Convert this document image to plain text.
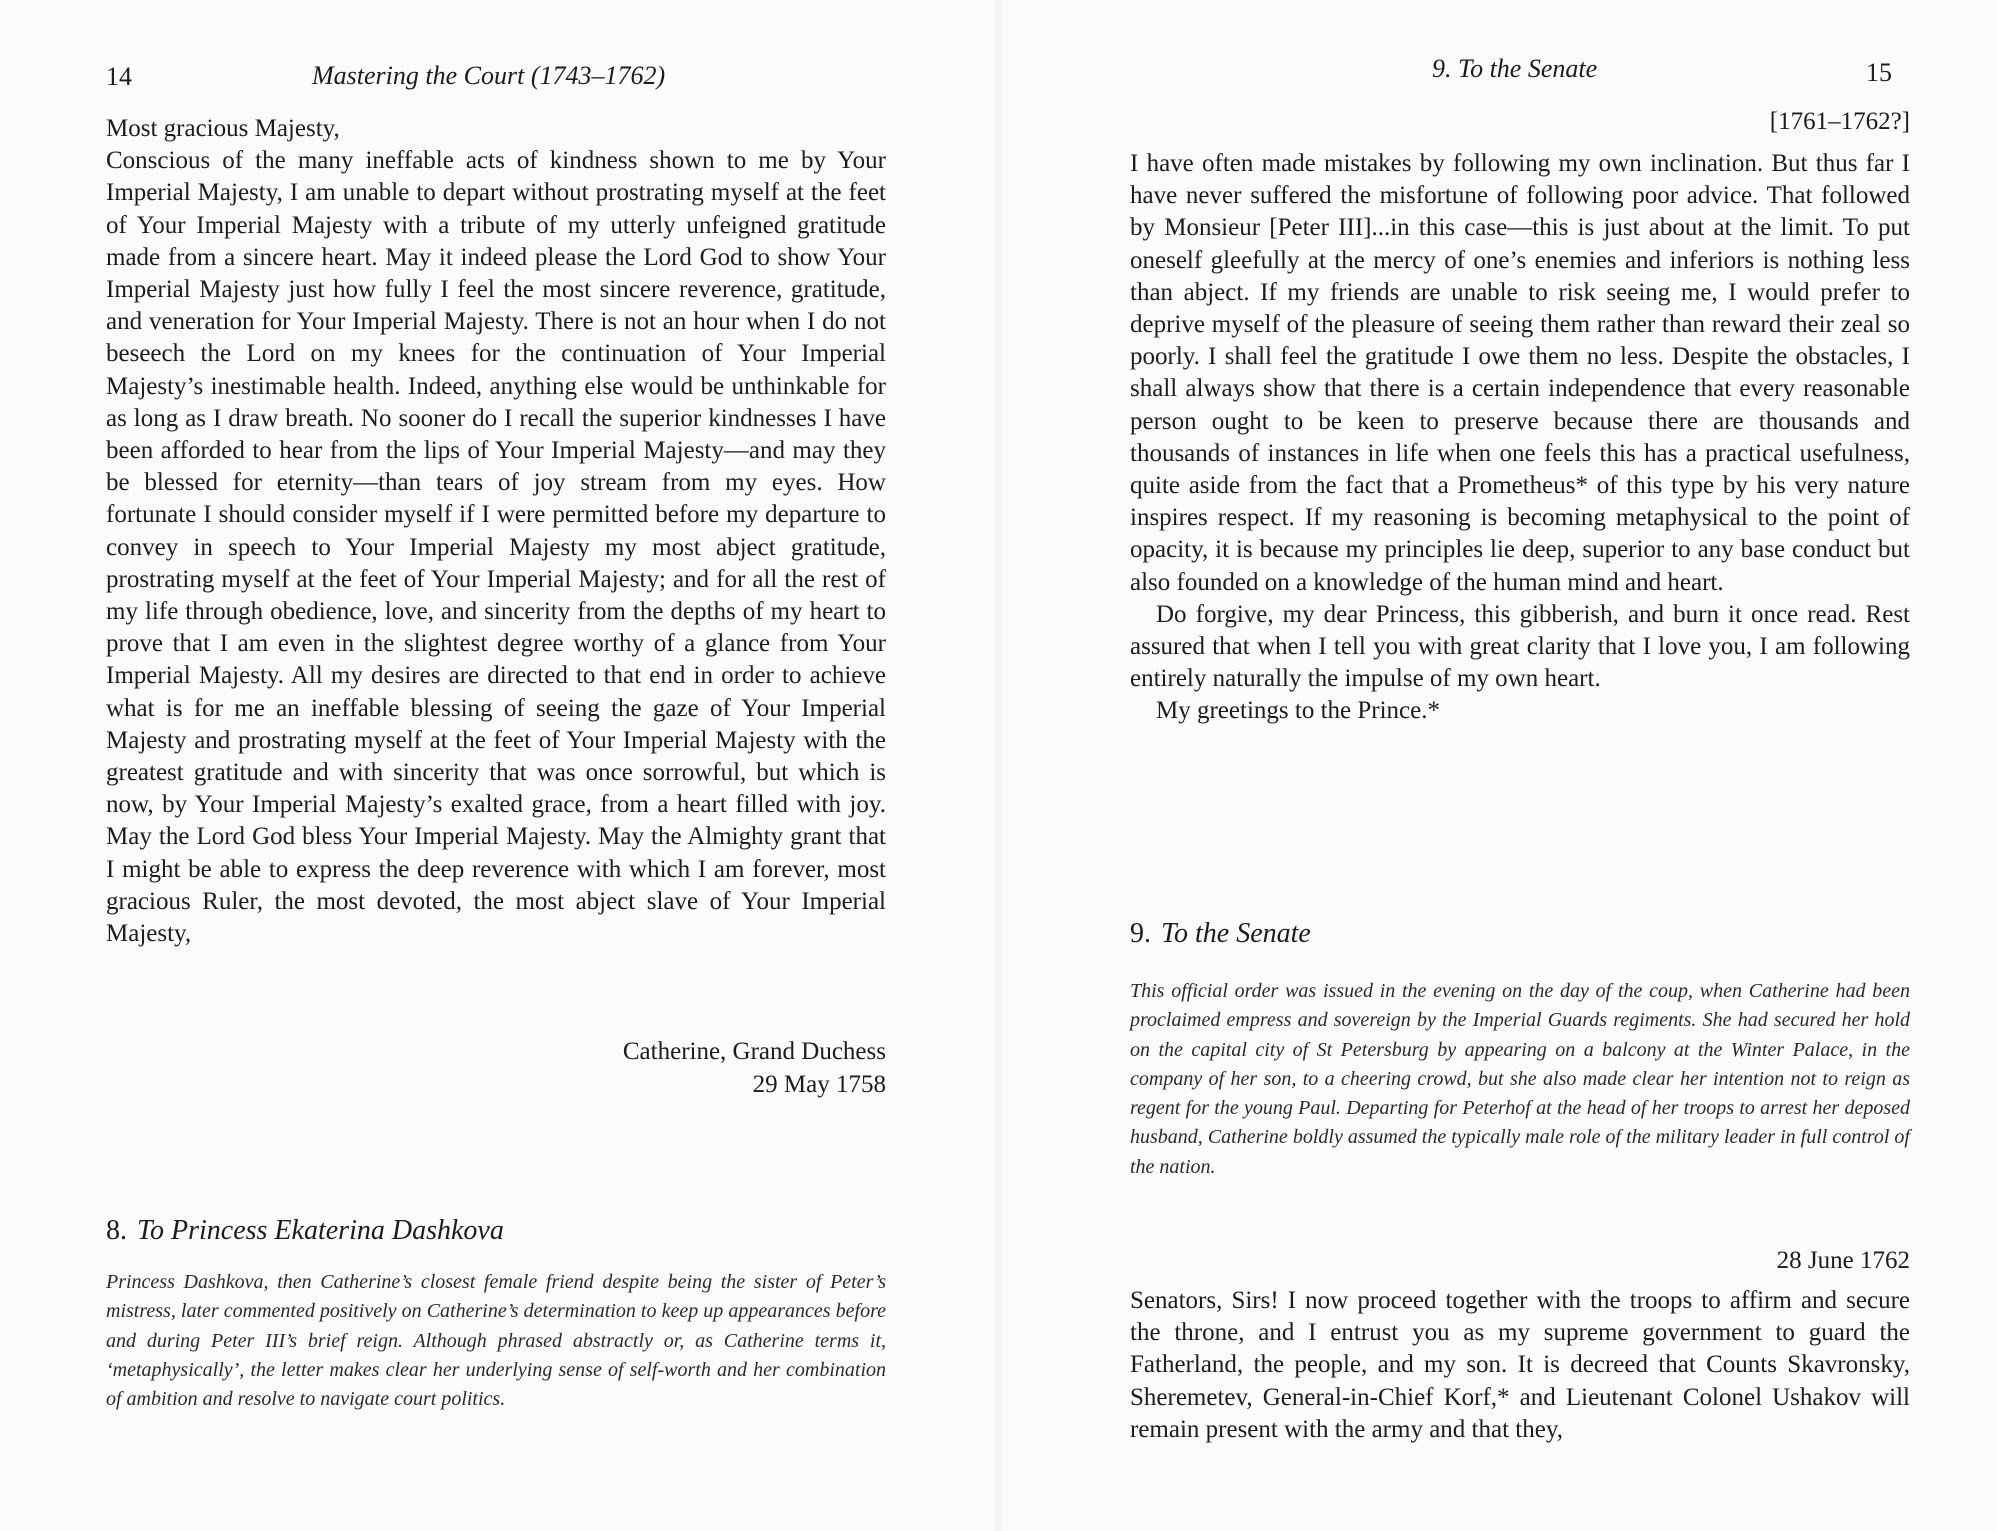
14	Mastering the Court (1743–1762)

Most gracious Majesty,

Conscious of the many ineffable acts of kindness shown to me by Your Imperial Majesty, I am unable to depart without prostrating myself at the feet of Your Imperial Majesty with a tribute of my utterly unfeigned gratitude made from a sincere heart. May it indeed please the Lord God to show Your Imperial Majesty just how fully I feel the most sincere reverence, gratitude, and veneration for Your Imperial Majesty. There is not an hour when I do not beseech the Lord on my knees for the continuation of Your Imperial Majesty’s inestimable health. Indeed, anything else would be unthinkable for as long as I draw breath. No sooner do I recall the superior kindnesses I have been afforded to hear from the lips of Your Imperial Majesty—and may they be blessed for eternity—than tears of joy stream from my eyes. How fortunate I should consider myself if I were permitted before my departure to convey in speech to Your Imperial Majesty my most abject gratitude, prostrating myself at the feet of Your Imperial Majesty; and for all the rest of my life through obedience, love, and sincerity from the depths of my heart to prove that I am even in the slightest degree worthy of a glance from Your Imperial Majesty. All my desires are directed to that end in order to achieve what is for me an ineffable blessing of seeing the gaze of Your Imperial Majesty and prostrating myself at the feet of Your Imperial Majesty with the greatest gratitude and with sincerity that was once sorrowful, but which is now, by Your Imperial Majesty’s exalted grace, from a heart filled with joy. May the Lord God bless Your Imperial Majesty. May the Almighty grant that I might be able to express the deep reverence with which I am forever, most gracious Ruler, the most devoted, the most abject slave of Your Imperial Majesty,

Catherine, Grand Duchess
29 May 1758
8. To Princess Ekaterina Dashkova

Princess Dashkova, then Catherine’s closest female friend despite being the sister of Peter’s mistress, later commented positively on Catherine’s determination to keep up appearances before and during Peter III’s brief reign. Although phrased abstractly or, as Catherine terms it, ‘metaphysically’, the letter makes clear her underlying sense of self-worth and her combination of ambition and resolve to navigate court politics.

9. To the Senate	15
[1761–1762?]

I have often made mistakes by following my own inclination. But thus far I have never suffered the misfortune of following poor advice. That followed by Monsieur [Peter III]...in this case—this is just about at the limit. To put oneself gleefully at the mercy of one’s enemies and inferiors is nothing less than abject. If my friends are unable to risk seeing me, I would prefer to deprive myself of the pleasure of seeing them rather than reward their zeal so poorly. I shall feel the gratitude I owe them no less. Despite the obstacles, I shall always show that there is a certain independence that every reasonable person ought to be keen to preserve because there are thousands and thousands of instances in life when one feels this has a practical usefulness, quite aside from the fact that a Prometheus* of this type by his very nature inspires respect. If my reasoning is becoming metaphysical to the point of opacity, it is because my principles lie deep, superior to any base conduct but also founded on a knowledge of the human mind and heart.

Do forgive, my dear Princess, this gibberish, and burn it once read. Rest assured that when I tell you with great clarity that I love you, I am following entirely naturally the impulse of my own heart.

My greetings to the Prince.*

9. To the Senate

This official order was issued in the evening on the day of the coup, when Catherine had been proclaimed empress and sovereign by the Imperial Guards regiments. She had secured her hold on the capital city of St Petersburg by appearing on a balcony at the Winter Palace, in the company of her son, to a cheering crowd, but she also made clear her intention not to reign as regent for the young Paul. Departing for Peterhof at the head of her troops to arrest her deposed husband, Catherine boldly assumed the typically male role of the military leader in full control of the nation.

28 June 1762

Senators, Sirs! I now proceed together with the troops to affirm and secure the throne, and I entrust you as my supreme government to guard the Fatherland, the people, and my son. It is decreed that Counts Skavronsky, Sheremetev, General-in-Chief Korf,* and Lieutenant Colonel Ushakov will remain present with the army and that they,
